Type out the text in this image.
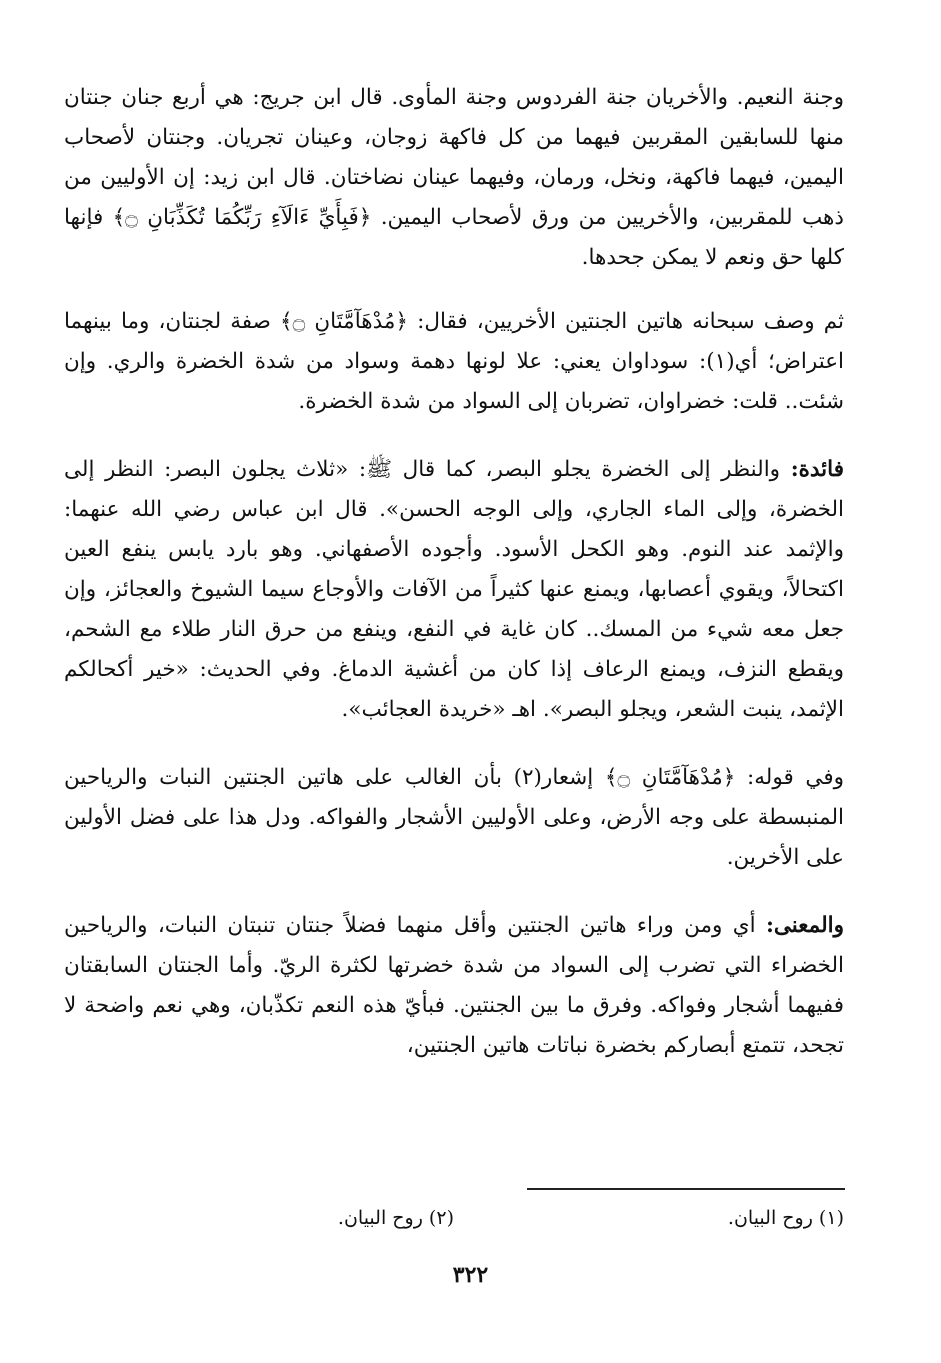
وجنة النعيم. والأخريان جنة الفردوس وجنة المأوى. قال ابن جريج: هي أربع جنان جنتان منها للسابقين المقربين فيهما من كل فاكهة زوجان، وعينان تجريان. وجنتان لأصحاب اليمين، فيهما فاكهة، ونخل، ورمان، وفيهما عينان نضاختان. قال ابن زيد: إن الأوليين من ذهب للمقربين، والأخريين من ورق لأصحاب اليمين. ﴿فَبِأَيِّ ءَالَآءِ رَبِّكُمَا تُكَذِّبَانِ ۝﴾ فإنها كلها حق ونعم لا يمكن جحدها.

ثم وصف سبحانه هاتين الجنتين الأخريين، فقال: ﴿مُدْهَآمَّتَانِ ۝﴾ صفة لجنتان، وما بينهما اعتراض؛ أي(١): سوداوان يعني: علا لونها دهمة وسواد من شدة الخضرة والري. وإن شئت.. قلت: خضراوان، تضربان إلى السواد من شدة الخضرة.

فائدة: والنظر إلى الخضرة يجلو البصر، كما قال ﷺ: «ثلاث يجلون البصر: النظر إلى الخضرة، وإلى الماء الجاري، وإلى الوجه الحسن». قال ابن عباس رضي الله عنهما: والإثمد عند النوم. وهو الكحل الأسود. وأجوده الأصفهاني. وهو بارد يابس ينفع العين اكتحالاً، ويقوي أعصابها، ويمنع عنها كثيراً من الآفات والأوجاع سيما الشيوخ والعجائز، وإن جعل معه شيء من المسك.. كان غاية في النفع، وينفع من حرق النار طلاء مع الشحم، ويقطع النزف، ويمنع الرعاف إذا كان من أغشية الدماغ. وفي الحديث: «خير أكحالكم الإثمد، ينبت الشعر، ويجلو البصر». اهـ «خريدة العجائب».

وفي قوله: ﴿مُدْهَآمَّتَانِ ۝﴾ إشعار(٢) بأن الغالب على هاتين الجنتين النبات والرياحين المنبسطة على وجه الأرض، وعلى الأوليين الأشجار والفواكه. ودل هذا على فضل الأولين على الأخرين.

والمعنى: أي ومن وراء هاتين الجنتين وأقل منهما فضلاً جنتان تنبتان النبات، والرياحين الخضراء التي تضرب إلى السواد من شدة خضرتها لكثرة الريّ. وأما الجنتان السابقتان ففيهما أشجار وفواكه. وفرق ما بين الجنتين. فبأيّ هذه النعم تكذّبان، وهي نعم واضحة لا تجحد، تتمتع أبصاركم بخضرة نباتات هاتين الجنتين،

(١) روح البيان.
(٢) روح البيان.
٣٢٢
